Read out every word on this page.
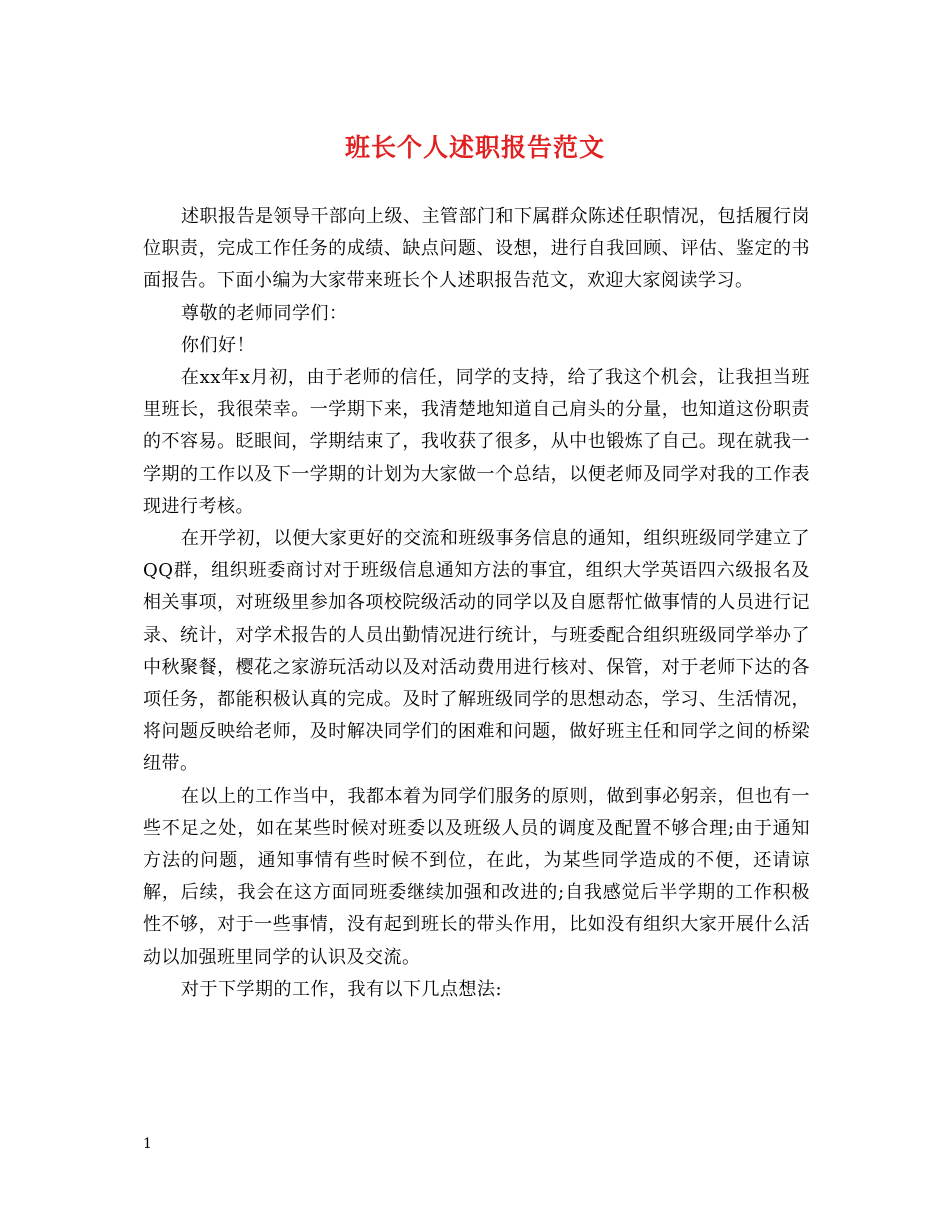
班长个人述职报告范文

述职报告是领导干部向上级、主管部门和下属群众陈述任职情况，包括履行岗位职责，完成工作任务的成绩、缺点问题、设想，进行自我回顾、评估、鉴定的书面报告。下面小编为大家带来班长个人述职报告范文，欢迎大家阅读学习。

尊敬的老师同学们：

你们好！

在xx年x月初，由于老师的信任，同学的支持，给了我这个机会，让我担当班里班长，我很荣幸。一学期下来，我清楚地知道自己肩头的分量，也知道这份职责的不容易。眨眼间，学期结束了，我收获了很多，从中也锻炼了自己。现在就我一学期的工作以及下一学期的计划为大家做一个总结，以便老师及同学对我的工作表现进行考核。

在开学初，以便大家更好的交流和班级事务信息的通知，组织班级同学建立了QQ群，组织班委商讨对于班级信息通知方法的事宜，组织大学英语四六级报名及相关事项，对班级里参加各项校院级活动的同学以及自愿帮忙做事情的人员进行记录、统计，对学术报告的人员出勤情况进行统计，与班委配合组织班级同学举办了中秋聚餐，樱花之家游玩活动以及对活动费用进行核对、保管，对于老师下达的各项任务，都能积极认真的完成。及时了解班级同学的思想动态，学习、生活情况，将问题反映给老师，及时解决同学们的困难和问题，做好班主任和同学之间的桥梁纽带。

在以上的工作当中，我都本着为同学们服务的原则，做到事必躬亲，但也有一些不足之处，如在某些时候对班委以及班级人员的调度及配置不够合理;由于通知方法的问题，通知事情有些时候不到位，在此，为某些同学造成的不便，还请谅解，后续，我会在这方面同班委继续加强和改进的;自我感觉后半学期的工作积极性不够，对于一些事情，没有起到班长的带头作用，比如没有组织大家开展什么活动以加强班里同学的认识及交流。

对于下学期的工作，我有以下几点想法:

1
